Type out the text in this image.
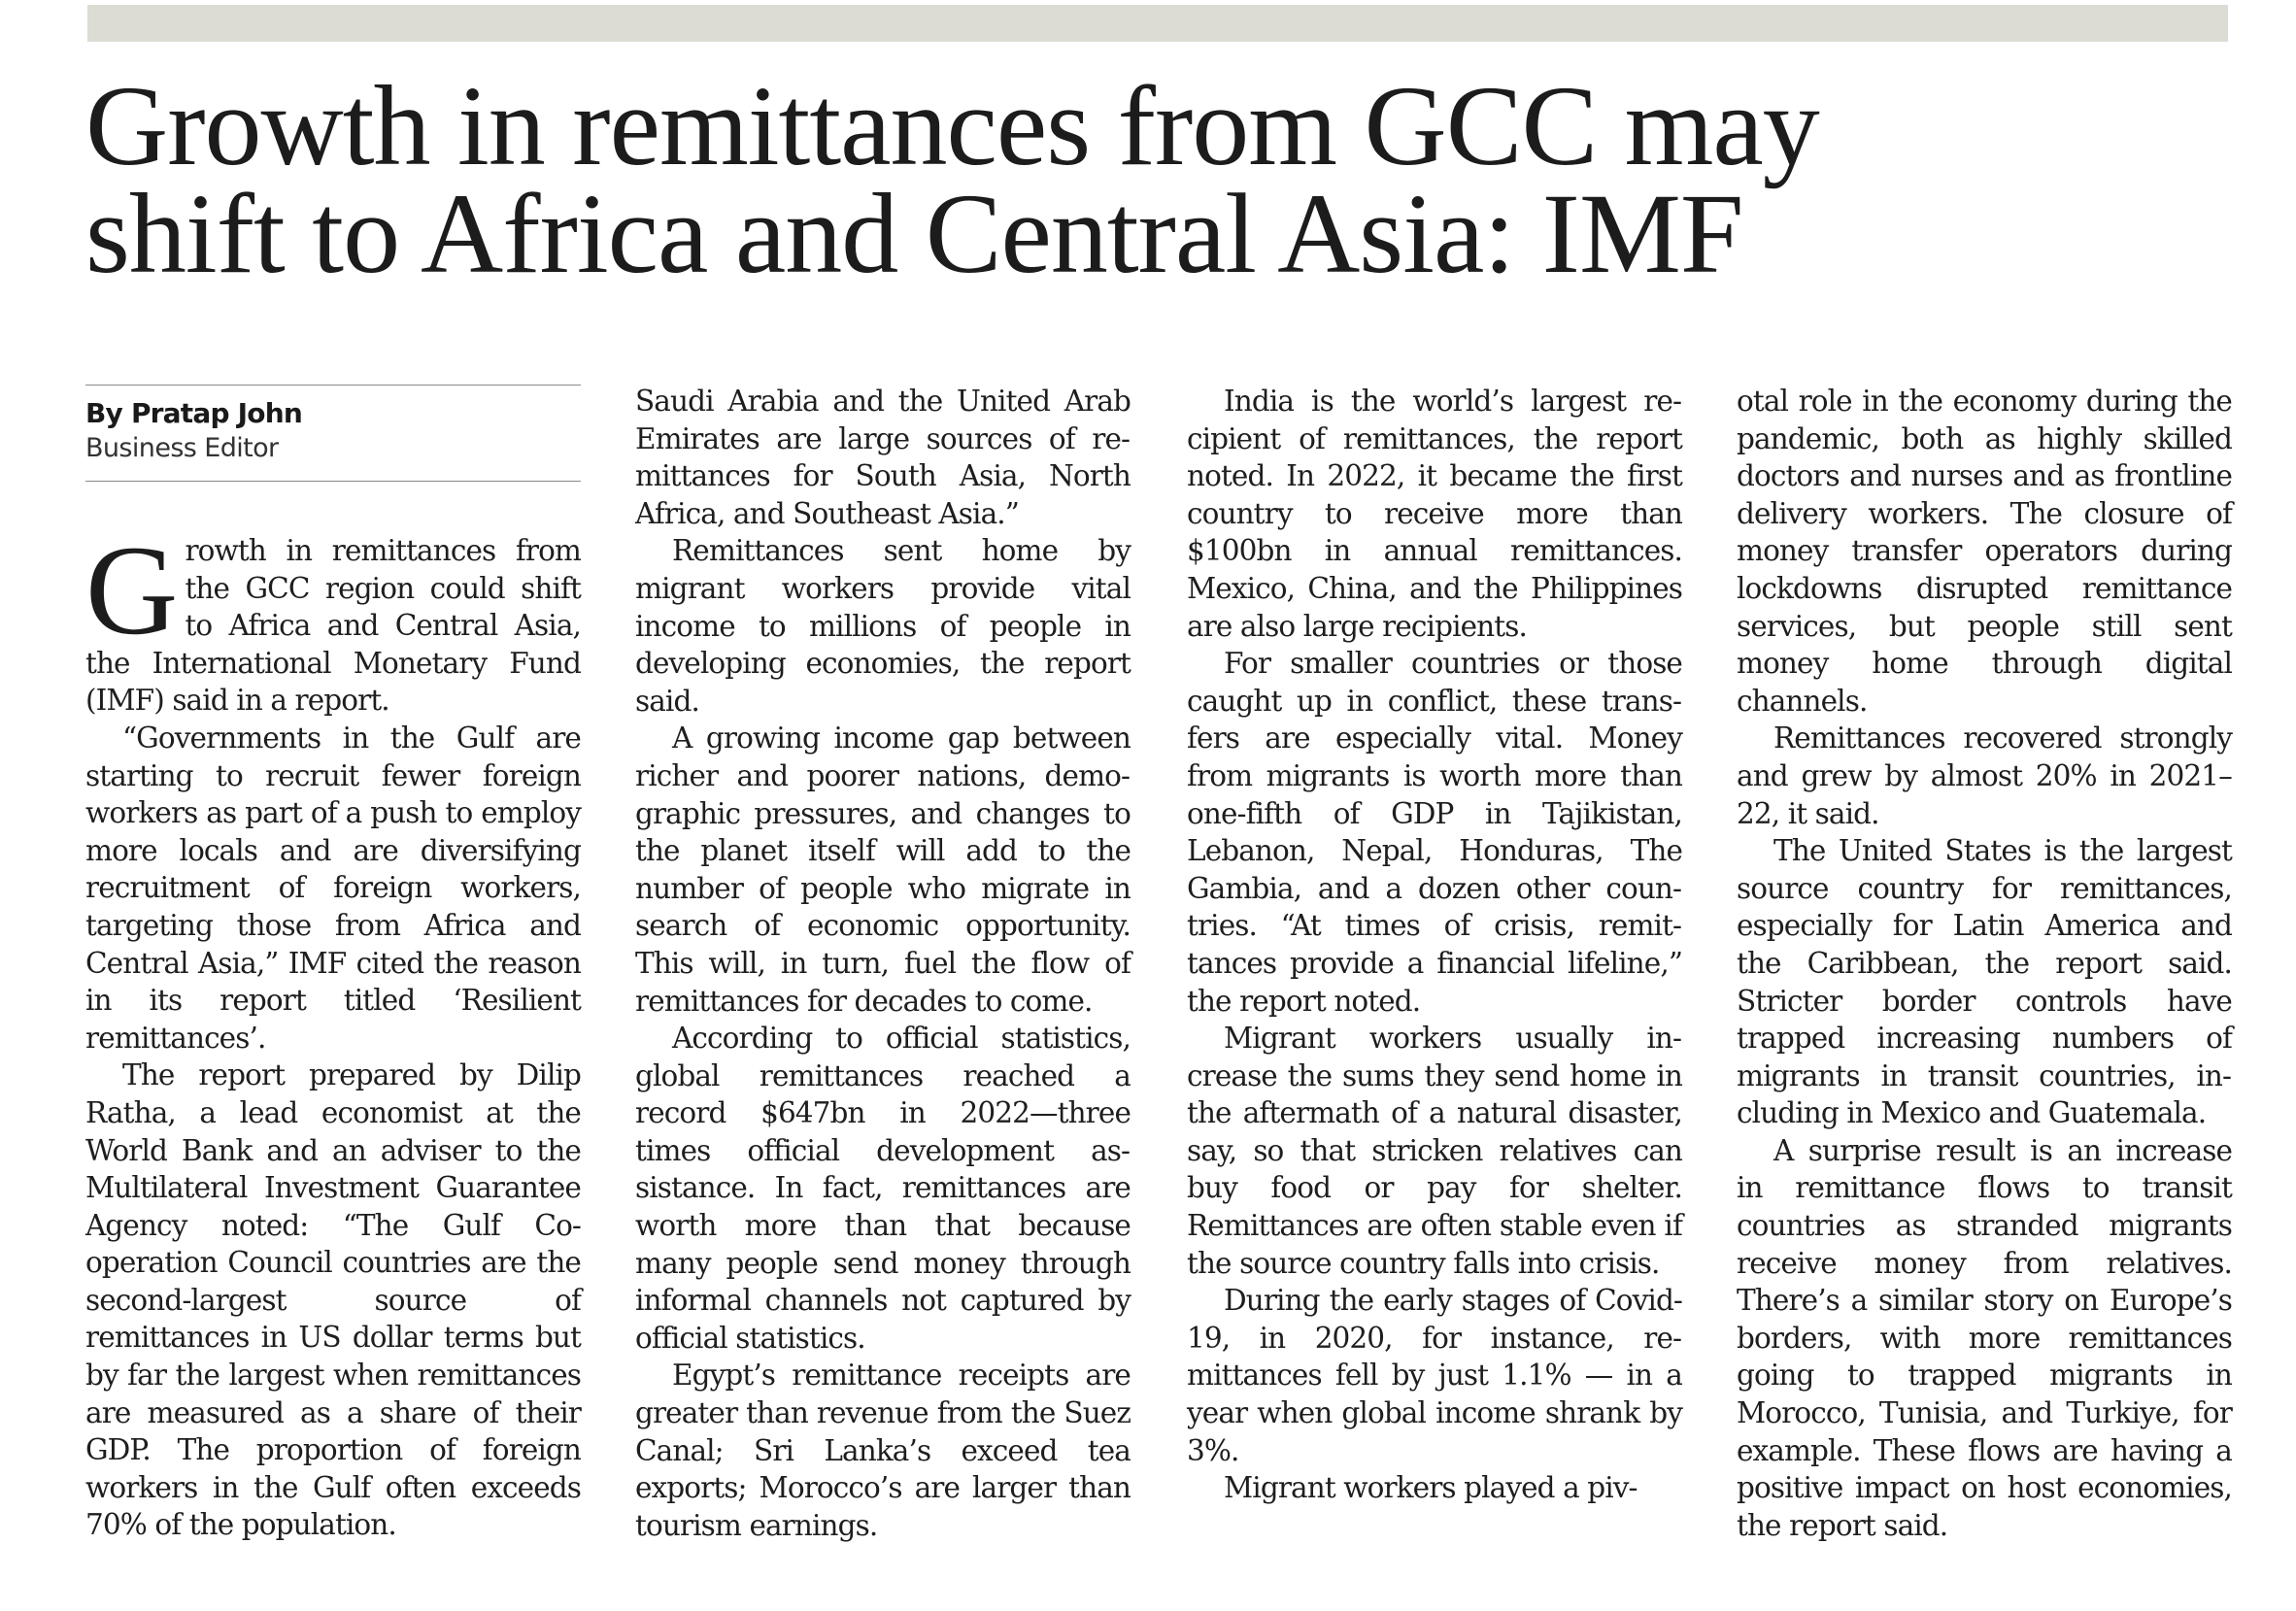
Growth in remittances from GCC may
shift to Africa and Central Asia: IMF
By Pratap John
Business Editor

Growth in remittances from the GCC region could shift to Africa and Central Asia, the International Monetary Fund (IMF) said in a report.

“Governments in the Gulf are starting to recruit fewer foreign workers as part of a push to employ more locals and are diversifying recruitment of foreign workers, targeting those from Africa and Central Asia,” IMF cited the reason in its report titled ‘Resilient remittances’.

The report prepared by Dilip Ratha, a lead economist at the World Bank and an adviser to the Multilateral Investment Guarantee Agency noted: “The Gulf Co-operation Council countries are the second-largest source of remittances in US dollar terms but by far the largest when remittances are measured as a share of their GDP. The proportion of foreign workers in the Gulf often exceeds 70% of the population.

Saudi Arabia and the United Arab Emirates are large sources of remittances for South Asia, North Africa, and Southeast Asia.”

Remittances sent home by migrant workers provide vital income to millions of people in developing economies, the report said.

A growing income gap between richer and poorer nations, demographic pressures, and changes to the planet itself will add to the number of people who migrate in search of economic opportunity. This will, in turn, fuel the flow of remittances for decades to come.

According to official statistics, global remittances reached a record $647bn in 2022—three times official development assistance. In fact, remittances are worth more than that because many people send money through informal channels not captured by official statistics.

Egypt’s remittance receipts are greater than revenue from the Suez Canal; Sri Lanka’s exceed tea exports; Morocco’s are larger than tourism earnings.

India is the world’s largest recipient of remittances, the report noted. In 2022, it became the first country to receive more than $100bn in annual remittances. Mexico, China, and the Philippines are also large recipients.

For smaller countries or those caught up in conflict, these transfers are especially vital. Money from migrants is worth more than one-fifth of GDP in Tajikistan, Lebanon, Nepal, Honduras, The Gambia, and a dozen other countries. “At times of crisis, remittances provide a financial lifeline,” the report noted.

Migrant workers usually increase the sums they send home in the aftermath of a natural disaster, say, so that stricken relatives can buy food or pay for shelter. Remittances are often stable even if the source country falls into crisis.

During the early stages of Covid-19, in 2020, for instance, remittances fell by just 1.1% — in a year when global income shrank by 3%.

Migrant workers played a piv-

otal role in the economy during the pandemic, both as highly skilled doctors and nurses and as frontline delivery workers. The closure of money transfer operators during lockdowns disrupted remittance services, but people still sent money home through digital channels.

Remittances recovered strongly and grew by almost 20% in 2021–22, it said.

The United States is the largest source country for remittances, especially for Latin America and the Caribbean, the report said. Stricter border controls have trapped increasing numbers of migrants in transit countries, including in Mexico and Guatemala.

A surprise result is an increase in remittance flows to transit countries as stranded migrants receive money from relatives. There’s a similar story on Europe’s borders, with more remittances going to trapped migrants in Morocco, Tunisia, and Turkiye, for example. These flows are having a positive impact on host economies, the report said.
